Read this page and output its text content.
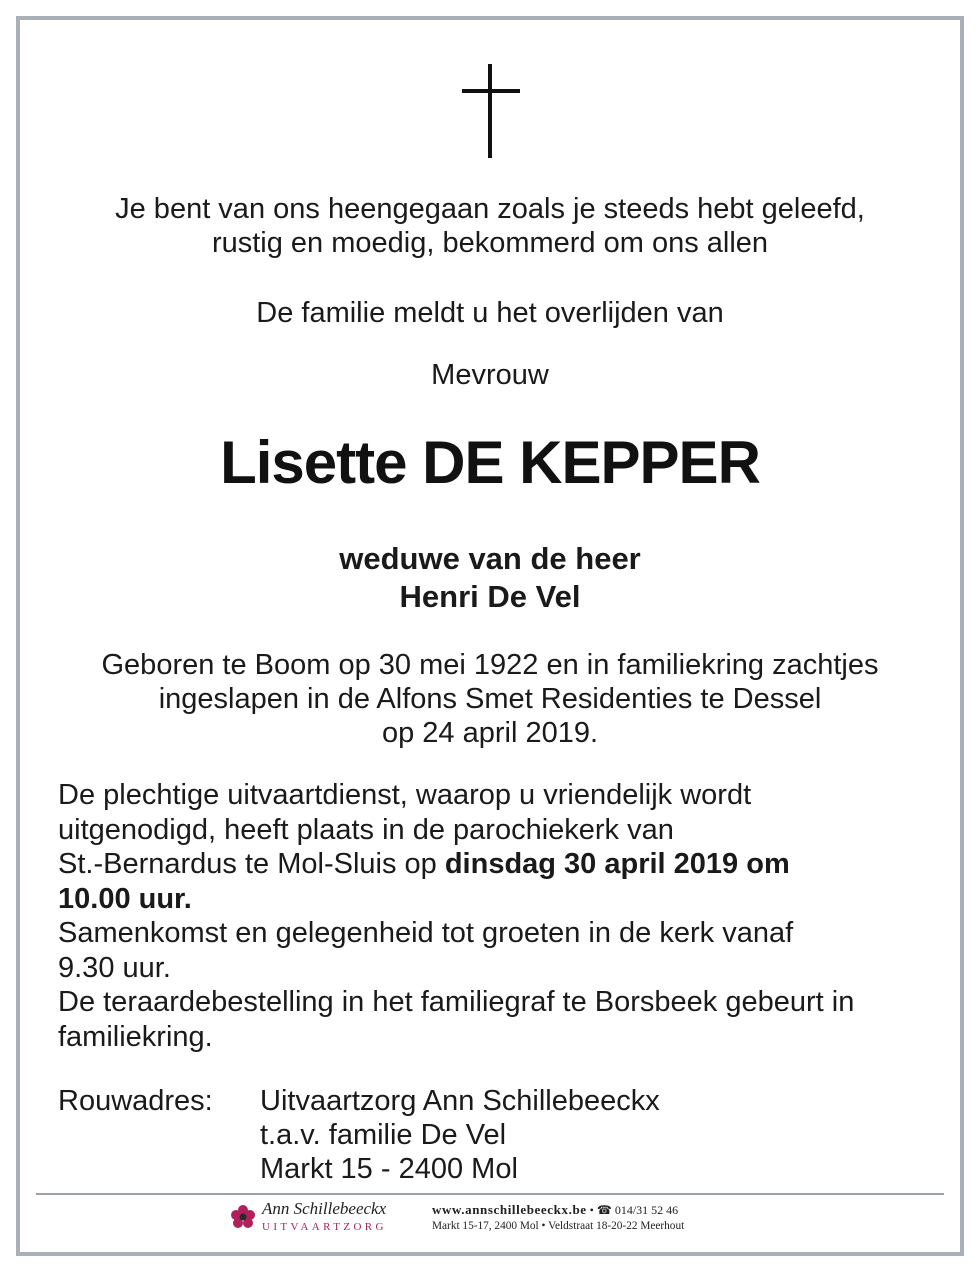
Je bent van ons heengegaan zoals je steeds hebt geleefd,
rustig en moedig, bekommerd om ons allen
De familie meldt u het overlijden van
Mevrouw
Lisette DE KEPPER
weduwe van de heer
Henri De Vel
Geboren te Boom op 30 mei 1922 en in familiekring zachtjes
ingeslapen in de Alfons Smet Residenties te Dessel
op 24 april 2019.
De plechtige uitvaartdienst, waarop u vriendelijk wordt
uitgenodigd, heeft plaats in de parochiekerk van
St.-Bernardus te Mol-Sluis op dinsdag 30 april 2019 om
10.00 uur.
Samenkomst en gelegenheid tot groeten in de kerk vanaf
9.30 uur.
De teraardebestelling in het familiegraf te Borsbeek gebeurt in
familiekring.
Rouwadres: Uitvaartzorg Ann Schillebeeckx
t.a.v. familie De Vel
Markt 15 - 2400 Mol
Ann Schillebeeckx
UITVAARTZORG
www.annschillebeeckx.be • ☎ 014/31 52 46
Markt 15-17, 2400 Mol • Veldstraat 18-20-22 Meerhout
